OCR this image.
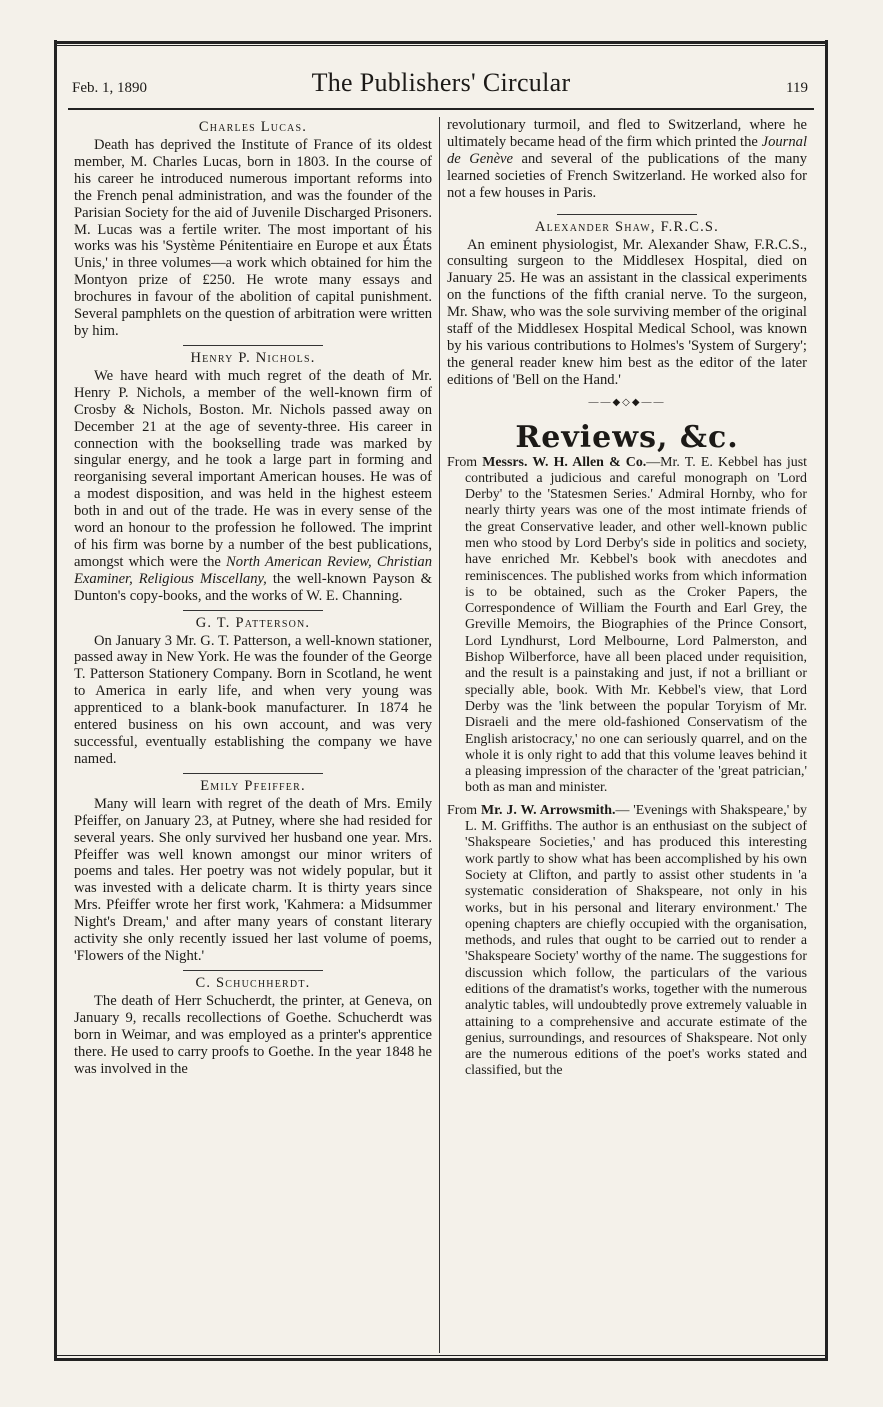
Feb. 1, 1890	The Publishers' Circular	119
Charles Lucas.

Death has deprived the Institute of France of its oldest member, M. Charles Lucas, born in 1803. In the course of his career he introduced numerous important reforms into the French penal administration, and was the founder of the Parisian Society for the aid of Juvenile Discharged Prisoners. M. Lucas was a fertile writer. The most important of his works was his 'Système Pénitentiaire en Europe et aux États Unis,' in three volumes—a work which obtained for him the Montyon prize of £250. He wrote many essays and brochures in favour of the abolition of capital punishment. Several pamphlets on the question of arbitration were written by him.

Henry P. Nichols.

We have heard with much regret of the death of Mr. Henry P. Nichols, a member of the well-known firm of Crosby & Nichols, Boston. Mr. Nichols passed away on December 21 at the age of seventy-three. His career in connection with the bookselling trade was marked by singular energy, and he took a large part in forming and reorganising several important American houses. He was of a modest disposition, and was held in the highest esteem both in and out of the trade. He was in every sense of the word an honour to the profession he followed. The imprint of his firm was borne by a number of the best publications, amongst which were the North American Review, Christian Examiner, Religious Miscellany, the well-known Payson & Dunton's copy-books, and the works of W. E. Channing.

G. T. Patterson.

On January 3 Mr. G. T. Patterson, a well-known stationer, passed away in New York. He was the founder of the George T. Patterson Stationery Company. Born in Scotland, he went to America in early life, and when very young was apprenticed to a blank-book manufacturer. In 1874 he entered business on his own account, and was very successful, eventually establishing the company we have named.

Emily Pfeiffer.

Many will learn with regret of the death of Mrs. Emily Pfeiffer, on January 23, at Putney, where she had resided for several years. She only survived her husband one year. Mrs. Pfeiffer was well known amongst our minor writers of poems and tales. Her poetry was not widely popular, but it was invested with a delicate charm. It is thirty years since Mrs. Pfeiffer wrote her first work, 'Kahmera: a Midsummer Night's Dream,' and after many years of constant literary activity she only recently issued her last volume of poems, 'Flowers of the Night.'

C. Schuchherdt.

The death of Herr Schucherdt, the printer, at Geneva, on January 9, recalls recollections of Goethe. Schucherdt was born in Weimar, and was employed as a printer's apprentice there. He used to carry proofs to Goethe. In the year 1848 he was involved in the

revolutionary turmoil, and fled to Switzerland, where he ultimately became head of the firm which printed the Journal de Genève and several of the publications of the many learned societies of French Switzerland. He worked also for not a few houses in Paris.

Alexander Shaw, F.R.C.S.

An eminent physiologist, Mr. Alexander Shaw, F.R.C.S., consulting surgeon to the Middlesex Hospital, died on January 25. He was an assistant in the classical experiments on the functions of the fifth cranial nerve. To the surgeon, Mr. Shaw, who was the sole surviving member of the original staff of the Middlesex Hospital Medical School, was known by his various contributions to Holmes's 'System of Surgery'; the general reader knew him best as the editor of the later editions of 'Bell on the Hand.'

——◆◇◆——
Reviews, &c.
From Messrs. W. H. Allen & Co.—Mr. T. E. Kebbel has just contributed a judicious and careful monograph on 'Lord Derby' to the 'Statesmen Series.' Admiral Hornby, who for nearly thirty years was one of the most intimate friends of the great Conservative leader, and other well-known public men who stood by Lord Derby's side in politics and society, have enriched Mr. Kebbel's book with anecdotes and reminiscences. The published works from which information is to be obtained, such as the Croker Papers, the Correspondence of William the Fourth and Earl Grey, the Greville Memoirs, the Biographies of the Prince Consort, Lord Lyndhurst, Lord Melbourne, Lord Palmerston, and Bishop Wilberforce, have all been placed under requisition, and the result is a painstaking and just, if not a brilliant or specially able, book. With Mr. Kebbel's view, that Lord Derby was the 'link between the popular Toryism of Mr. Disraeli and the mere old-fashioned Conservatism of the English aristocracy,' no one can seriously quarrel, and on the whole it is only right to add that this volume leaves behind it a pleasing impression of the character of the 'great patrician,' both as man and minister.
From Mr. J. W. Arrowsmith.— 'Evenings with Shakspeare,' by L. M. Griffiths. The author is an enthusiast on the subject of 'Shakspeare Societies,' and has produced this interesting work partly to show what has been accomplished by his own Society at Clifton, and partly to assist other students in 'a systematic consideration of Shakspeare, not only in his works, but in his personal and literary environment.' The opening chapters are chiefly occupied with the organisation, methods, and rules that ought to be carried out to render a 'Shakspeare Society' worthy of the name. The suggestions for discussion which follow, the particulars of the various editions of the dramatist's works, together with the numerous analytic tables, will undoubtedly prove extremely valuable in attaining to a comprehensive and accurate estimate of the genius, surroundings, and resources of Shakspeare. Not only are the numerous editions of the poet's works stated and classified, but the
